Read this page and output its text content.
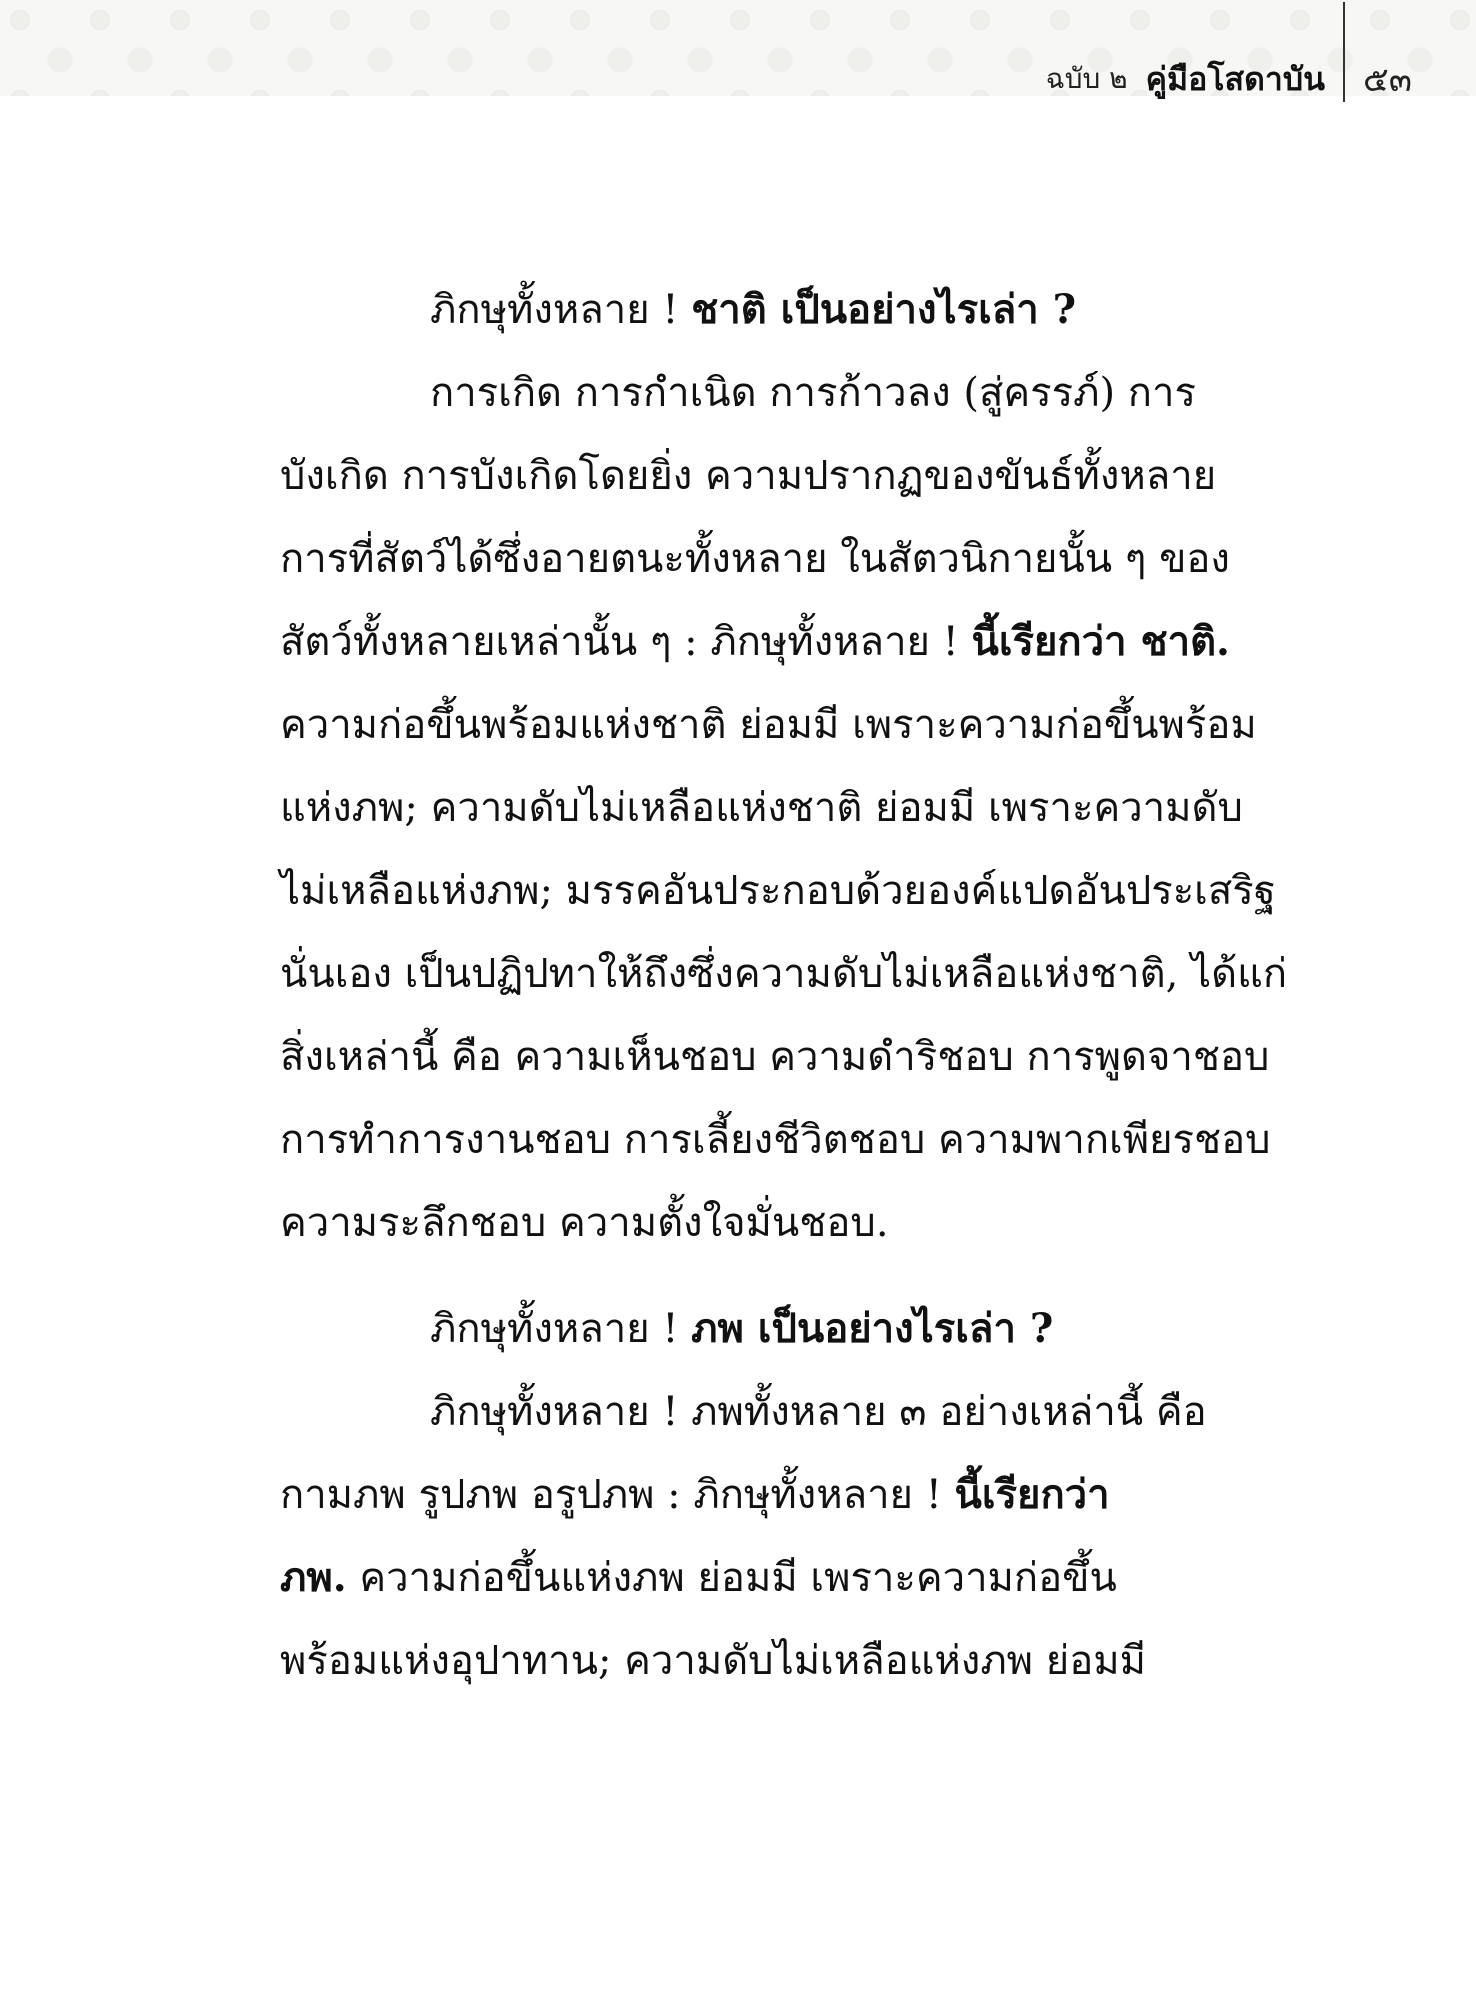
ฉบับ ๒ คู่มือโสดาบัน ๕๓
ภิกษุทั้งหลาย ! ชาติ เป็นอย่างไรเล่า ?
การเกิด การกำเนิด การก้าวลง (สู่ครรภ์) การ
บังเกิด การบังเกิดโดยยิ่ง ความปรากฏของขันธ์ทั้งหลาย
การที่สัตว์ได้ซึ่งอายตนะทั้งหลาย ในสัตวนิกายนั้น ๆ ของ
สัตว์ทั้งหลายเหล่านั้น ๆ : ภิกษุทั้งหลาย ! นี้เรียกว่า ชาติ.
ความก่อขึ้นพร้อมแห่งชาติ ย่อมมี เพราะความก่อขึ้นพร้อม
แห่งภพ; ความดับไม่เหลือแห่งชาติ ย่อมมี เพราะความดับ
ไม่เหลือแห่งภพ; มรรคอันประกอบด้วยองค์แปดอันประเสริฐ
นั่นเอง เป็นปฏิปทาให้ถึงซึ่งความดับไม่เหลือแห่งชาติ, ได้แก่
สิ่งเหล่านี้ คือ ความเห็นชอบ ความดำริชอบ การพูดจาชอบ
การทำการงานชอบ การเลี้ยงชีวิตชอบ ความพากเพียรชอบ
ความระลึกชอบ ความตั้งใจมั่นชอบ.
ภิกษุทั้งหลาย ! ภพ เป็นอย่างไรเล่า ?
ภิกษุทั้งหลาย ! ภพทั้งหลาย ๓ อย่างเหล่านี้ คือ
กามภพ รูปภพ อรูปภพ : ภิกษุทั้งหลาย ! นี้เรียกว่า
ภพ. ความก่อขึ้นแห่งภพ ย่อมมี เพราะความก่อขึ้น
พร้อมแห่งอุปาทาน; ความดับไม่เหลือแห่งภพ ย่อมมี
